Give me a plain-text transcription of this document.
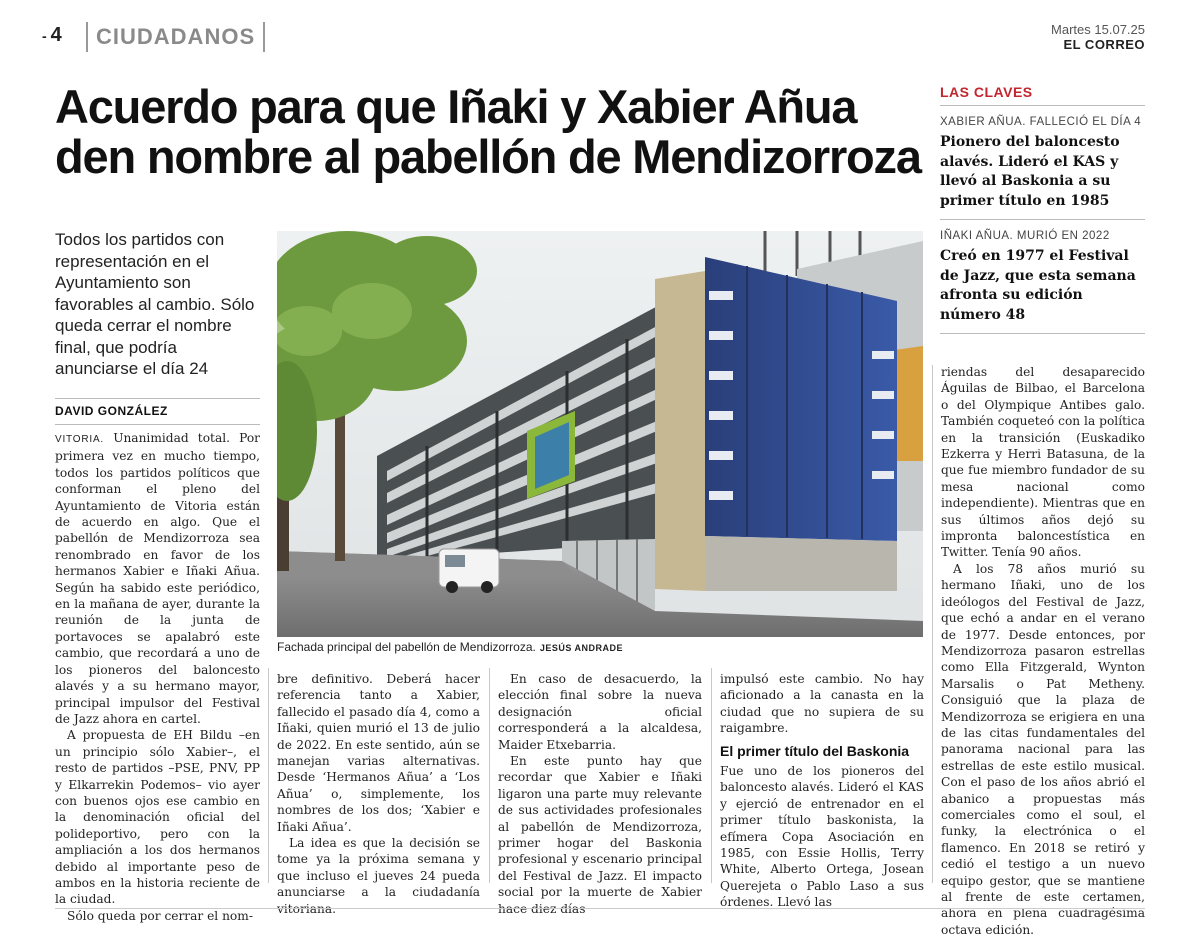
- 4	CIUDADANOS	Martes 15.07.25
EL CORREO
Acuerdo para que Iñaki y Xabier Añua den nombre al pabellón de Mendizorroza
LAS CLAVES

XABIER AÑUA. FALLECIÓ EL DÍA 4

Pionero del baloncesto alavés. Lideró el KAS y llevó al Baskonia a su primer título en 1985

IÑAKI AÑUA. MURIÓ EN 2022

Creó en 1977 el Festival de Jazz, que esta semana afronta su edición número 48

Todos los partidos con representación en el Ayuntamiento son favorables al cambio. Sólo queda cerrar el nombre final, que podría anunciarse el día 24

DAVID GONZÁLEZ
Fachada principal del pabellón de Mendizorroza. JESÚS ANDRADE

VITORIA. Unanimidad total. Por primera vez en mucho tiempo, todos los partidos políticos que conforman el pleno del Ayuntamiento de Vitoria están de acuerdo en algo. Que el pabellón de Mendizorroza sea renombrado en favor de los hermanos Xabier e Iñaki Añua. Según ha sabido este periódico, en la mañana de ayer, durante la reunión de la junta de portavoces se apalabró este cambio, que recordará a uno de los pioneros del baloncesto alavés y a su hermano mayor, principal impulsor del Festival de Jazz ahora en cartel.

A propuesta de EH Bildu –en un principio sólo Xabier–, el resto de partidos –PSE, PNV, PP y Elkarrekin Podemos– vio ayer con buenos ojos ese cambio en la denominación oficial del polideportivo, pero con la ampliación a los dos hermanos debido al importante peso de ambos en la historia reciente de la ciudad.

Sólo queda por cerrar el nom-

bre definitivo. Deberá hacer referencia tanto a Xabier, fallecido el pasado día 4, como a Iñaki, quien murió el 13 de julio de 2022. En este sentido, aún se manejan varias alternativas. Desde ‘Hermanos Añua’ a ‘Los Añua’ o, simplemente, los nombres de los dos; ‘Xabier e Iñaki Añua’.

La idea es que la decisión se tome ya la próxima semana y que incluso el jueves 24 pueda anunciarse a la ciudadanía vitoriana.

En caso de desacuerdo, la elección final sobre la nueva designación oficial corresponderá a la alcaldesa, Maider Etxebarria.

En este punto hay que recordar que Xabier e Iñaki ligaron una parte muy relevante de sus actividades profesionales al pabellón de Mendizorroza, primer hogar del Baskonia profesional y escenario principal del Festival de Jazz. El impacto social por la muerte de Xabier hace diez días

impulsó este cambio. No hay aficionado a la canasta en la ciudad que no supiera de su raigambre.

El primer título del Baskonia

Fue uno de los pioneros del baloncesto alavés. Lideró el KAS y ejerció de entrenador en el primer título baskonista, la efímera Copa Asociación en 1985, con Essie Hollis, Terry White, Alberto Ortega, Josean Querejeta o Pablo Laso a sus órdenes. Llevó las

riendas del desaparecido Águilas de Bilbao, el Barcelona o del Olympique Antibes galo. También coqueteó con la política en la transición (Euskadiko Ezkerra y Herri Batasuna, de la que fue miembro fundador de su mesa nacional como independiente). Mientras que en sus últimos años dejó su impronta baloncestística en Twitter. Tenía 90 años.

A los 78 años murió su hermano Iñaki, uno de los ideólogos del Festival de Jazz, que echó a andar en el verano de 1977. Desde entonces, por Mendizorroza pasaron estrellas como Ella Fitzgerald, Wynton Marsalis o Pat Metheny. Consiguió que la plaza de Mendizorroza se erigiera en una de las citas fundamentales del panorama nacional para las estrellas de este estilo musical. Con el paso de los años abrió el abanico a propuestas más comerciales como el soul, el funky, la electrónica o el flamenco. En 2018 se retiró y cedió el testigo a un nuevo equipo gestor, que se mantiene al frente de este certamen, ahora en plena cuadragésima octava edición.
